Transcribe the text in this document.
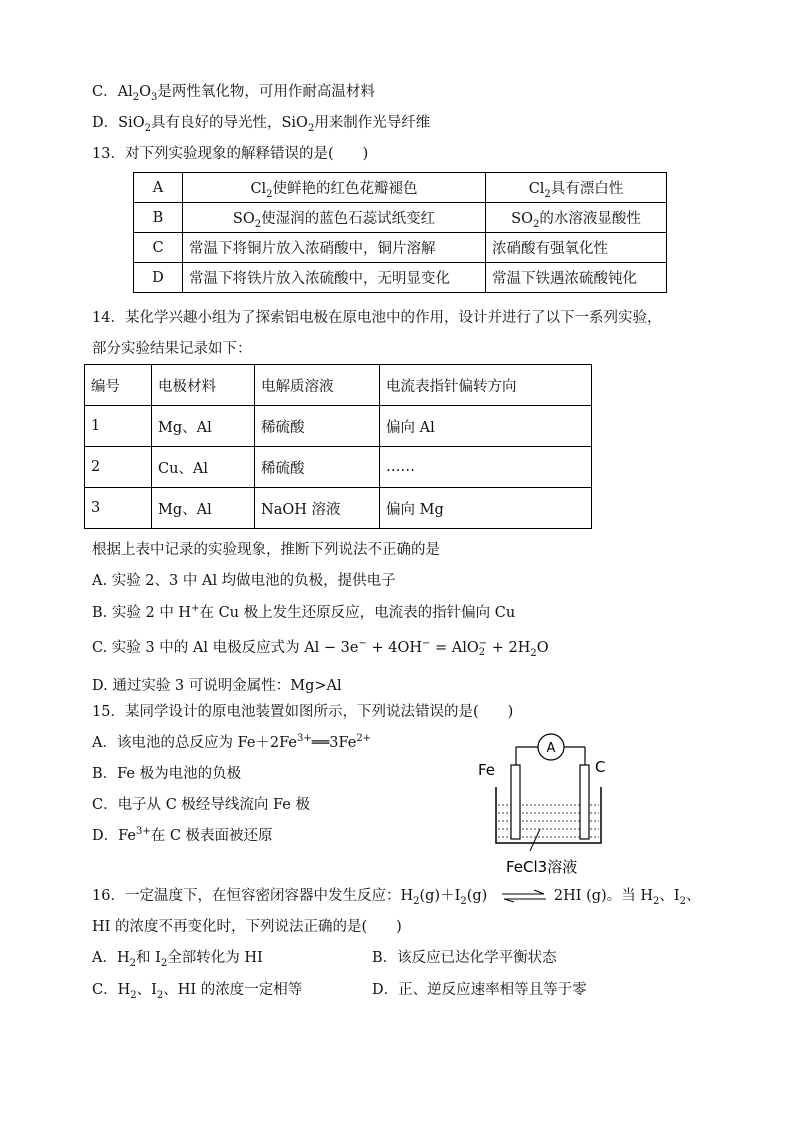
C．$Al_2O_3$是两性氧化物，可用作耐高温材料
D．SiO$_2$具有良好的导光性，SiO$_2$用来制作光导纤维
13．对下列实验现象的解释错误的是(　　)
A	$Cl_2$使鲜艳的红色花瓣褪色	$Cl_2$具有漂白性
B	$SO_2$使湿润的蓝色石蕊试纸变红	$SO_2$的水溶液显酸性
C	常温下将铜片放入浓硝酸中，铜片溶解	浓硝酸有强氧化性
D	常温下将铁片放入浓硫酸中，无明显变化	常温下铁遇浓硫酸钝化
14．某化学兴趣小组为了探索铝电极在原电池中的作用，设计并进行了以下一系列实验，
部分实验结果记录如下：
编号	电极材料	电解质溶液	电流表指针偏转方向
1	Mg、Al	稀硫酸	偏向 Al
2	Cu、Al	稀硫酸	……
3	Mg、Al	NaOH 溶液	偏向 Mg
根据上表中记录的实验现象，推断下列说法不正确的是
A. 实验 2、3 中 Al 均做电池的负极，提供电子
B. 实验 2 中 H+在 Cu 极上发生还原反应，电流表的指针偏向 Cu
C. 实验 3 中的 Al 电极反应式为 Al − 3e− + 4OH− = AlO −
$2 + 2H_2O$
D. 通过实验 3 可说明金属性：Mg>Al
15．某同学设计的原电池装置如图所示，下列说法错误的是(　　)
A．该电池的总反应为 $Fe+2Fe^{3+}══3Fe^{2+}$
B．Fe 极为电池的负极
C．电子从 C 极经导线流向 Fe 极
D．$Fe^{3+}$在 C 极表面被还原
A
Fe	C
FeCl3溶液
16．一定温度下，在恒容密闭容器中发生反应：$H_2(g)+I_2(g)$ ⇌ 2HI (g)。当 $H_2$、$I_2$、
HI 的浓度不再变化时，下列说法正确的是(　　)
A．$H_2$和 $I_2$全部转化为 HI	B．该反应已达化学平衡状态
C．$H_2$、$I_2$、HI 的浓度一定相等	D．正、逆反应速率相等且等于零
